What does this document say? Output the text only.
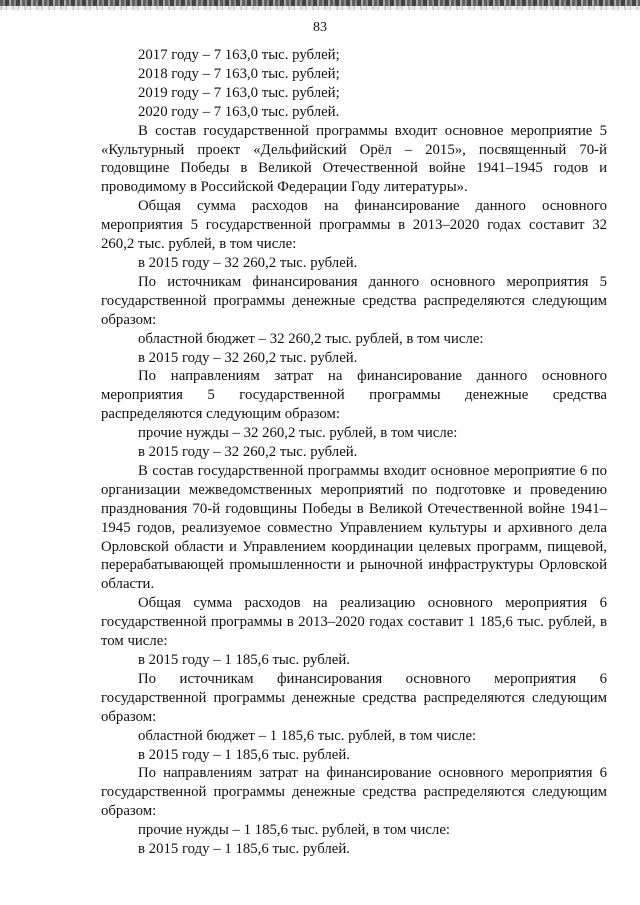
83

2017 году – 7 163,0 тыс. рублей;

2018 году – 7 163,0 тыс. рублей;

2019 году – 7 163,0 тыс. рублей;

2020 году – 7 163,0 тыс. рублей.

В состав государственной программы входит основное мероприятие 5 «Культурный проект «Дельфийский Орёл – 2015», посвященный 70-й годовщине Победы в Великой Отечественной войне 1941–1945 годов и проводимому в Российской Федерации Году литературы».

Общая сумма расходов на финансирование данного основного мероприятия 5 государственной программы в 2013–2020 годах составит 32 260,2 тыс. рублей, в том числе:

в 2015 году – 32 260,2 тыс. рублей.

По источникам финансирования данного основного мероприятия 5 государственной программы денежные средства распределяются следующим образом:

областной бюджет – 32 260,2 тыс. рублей, в том числе:

в 2015 году – 32 260,2 тыс. рублей.

По направлениям затрат на финансирование данного основного мероприятия 5 государственной программы денежные средства распределяются следующим образом:

прочие нужды – 32 260,2 тыс. рублей, в том числе:

в 2015 году – 32 260,2 тыс. рублей.

В состав государственной программы входит основное мероприятие 6 по организации межведомственных мероприятий по подготовке и проведению празднования 70-й годовщины Победы в Великой Отечественной войне 1941–1945 годов, реализуемое совместно Управлением культуры и архивного дела Орловской области и Управлением координации целевых программ, пищевой, перерабатывающей промышленности и рыночной инфраструктуры Орловской области.

Общая сумма расходов на реализацию основного мероприятия 6 государственной программы в 2013–2020 годах составит 1 185,6 тыс. рублей, в том числе:

в 2015 году – 1 185,6 тыс. рублей.

По источникам финансирования основного мероприятия 6 государственной программы денежные средства распределяются следующим образом:

областной бюджет – 1 185,6 тыс. рублей, в том числе:

в 2015 году – 1 185,6 тыс. рублей.

По направлениям затрат на финансирование основного мероприятия 6 государственной программы денежные средства распределяются следующим образом:

прочие нужды – 1 185,6 тыс. рублей, в том числе:

в 2015 году – 1 185,6 тыс. рублей.
